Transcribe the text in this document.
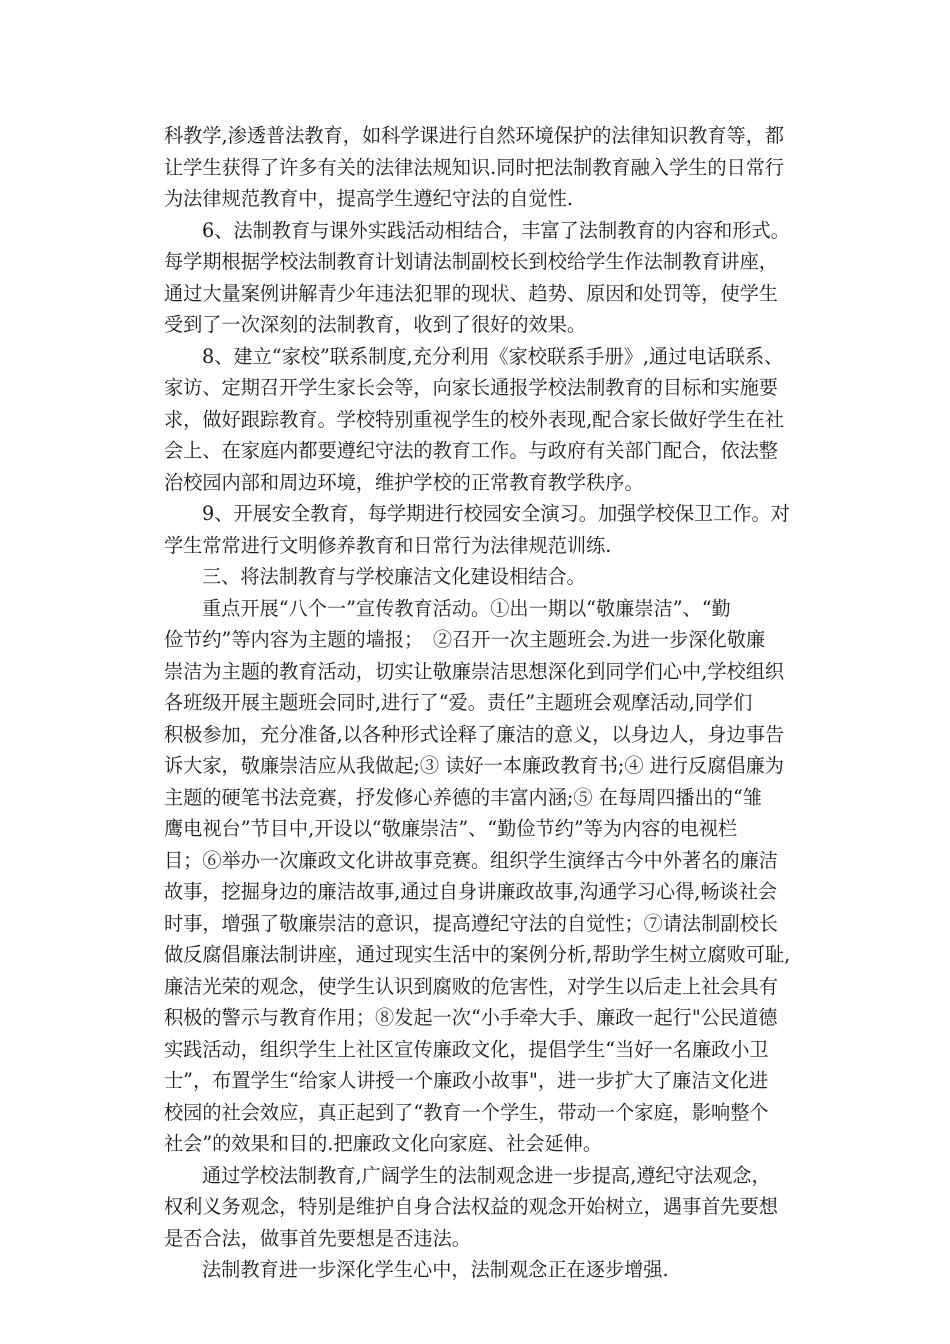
科教学,渗透普法教育，如科学课进行自然环境保护的法律知识教育等，都
让学生获得了许多有关的法律法规知识.同时把法制教育融入学生的日常行
为法律规范教育中，提高学生遵纪守法的自觉性.
6、法制教育与课外实践活动相结合，丰富了法制教育的内容和形式。
每学期根据学校法制教育计划请法制副校长到校给学生作法制教育讲座，
通过大量案例讲解青少年违法犯罪的现状、趋势、原因和处罚等，使学生
受到了一次深刻的法制教育，收到了很好的效果。
8、建立“家校”联系制度,充分利用《家校联系手册》,通过电话联系、
家访、定期召开学生家长会等，向家长通报学校法制教育的目标和实施要
求，做好跟踪教育。学校特别重视学生的校外表现,配合家长做好学生在社
会上、在家庭内都要遵纪守法的教育工作。与政府有关部门配合，依法整
治校园内部和周边环境，维护学校的正常教育教学秩序。
9、开展安全教育，每学期进行校园安全演习。加强学校保卫工作。对
学生常常进行文明修养教育和日常行为法律规范训练.
三、将法制教育与学校廉洁文化建设相结合。
重点开展“八个一”宣传教育活动。①出一期以“敬廉崇洁”、“勤
俭节约”等内容为主题的墙报；　②召开一次主题班会.为进一步深化敬廉
崇洁为主题的教育活动，切实让敬廉崇洁思想深化到同学们心中,学校组织
各班级开展主题班会同时,进行了“爱。责任”主题班会观摩活动,同学们
积极参加，充分准备,以各种形式诠释了廉洁的意义，以身边人，身边事告
诉大家，敬廉崇洁应从我做起;③ 读好一本廉政教育书;④ 进行反腐倡廉为
主题的硬笔书法竞赛，抒发修心养德的丰富内涵;⑤ 在每周四播出的“雏
鹰电视台”节目中,开设以“敬廉崇洁”、“勤俭节约”等为内容的电视栏
目；⑥举办一次廉政文化讲故事竞赛。组织学生演绎古今中外著名的廉洁
故事，挖掘身边的廉洁故事,通过自身讲廉政故事,沟通学习心得,畅谈社会
时事，增强了敬廉崇洁的意识，提高遵纪守法的自觉性；⑦请法制副校长
做反腐倡廉法制讲座，通过现实生活中的案例分析,帮助学生树立腐败可耻,
廉洁光荣的观念，使学生认识到腐败的危害性，对学生以后走上社会具有
积极的警示与教育作用；⑧发起一次“小手牵大手、廉政一起行"公民道德
实践活动，组织学生上社区宣传廉政文化，提倡学生“当好一名廉政小卫
士”，布置学生“给家人讲授一个廉政小故事"，进一步扩大了廉洁文化进
校园的社会效应，真正起到了“教育一个学生，带动一个家庭，影响整个
社会”的效果和目的.把廉政文化向家庭、社会延伸。
通过学校法制教育,广阔学生的法制观念进一步提高,遵纪守法观念，
权利义务观念，特别是维护自身合法权益的观念开始树立，遇事首先要想
是否合法，做事首先要想是否违法。
法制教育进一步深化学生心中，法制观念正在逐步增强.
